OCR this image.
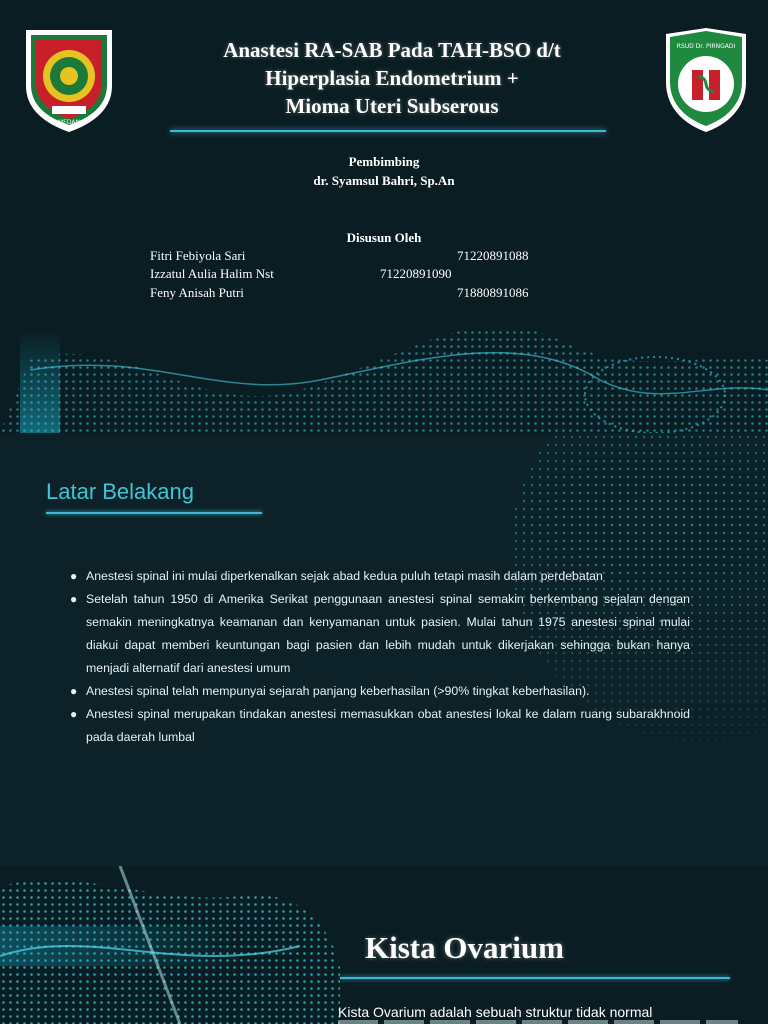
MEDAN
RSUD Dr. PIRNGADI
Anastesi RA-SAB Pada TAH-BSO d/t
Hiperplasia Endometrium +
Mioma Uteri Subserous
Pembimbing
dr. Syamsul Bahri, Sp.An
Disusun Oleh
Fitri Febiyola Sari	71220891088
Izzatul Aulia Halim Nst	71220891090
Feny Anisah Putri	71880891086
Latar Belakang
● Anestesi spinal ini mulai diperkenalkan sejak abad kedua puluh tetapi masih dalam perdebatan
● Setelah tahun 1950 di Amerika Serikat penggunaan anestesi spinal semakin berkembang sejalan dengan semakin meningkatnya keamanan dan kenyamanan untuk pasien. Mulai tahun 1975 anestesi spinal mulai diakui dapat memberi keuntungan bagi pasien dan lebih mudah untuk dikerjakan sehingga bukan hanya menjadi alternatif dari anestesi umum
● Anestesi spinal telah mempunyai sejarah panjang keberhasilan (>90% tingkat keberhasilan).
● Anestesi spinal merupakan tindakan anestesi memasukkan obat anestesi lokal ke dalam ruang subarakhnoid pada daerah lumbal
Kista Ovarium
Kista Ovarium adalah sebuah struktur tidak normal
